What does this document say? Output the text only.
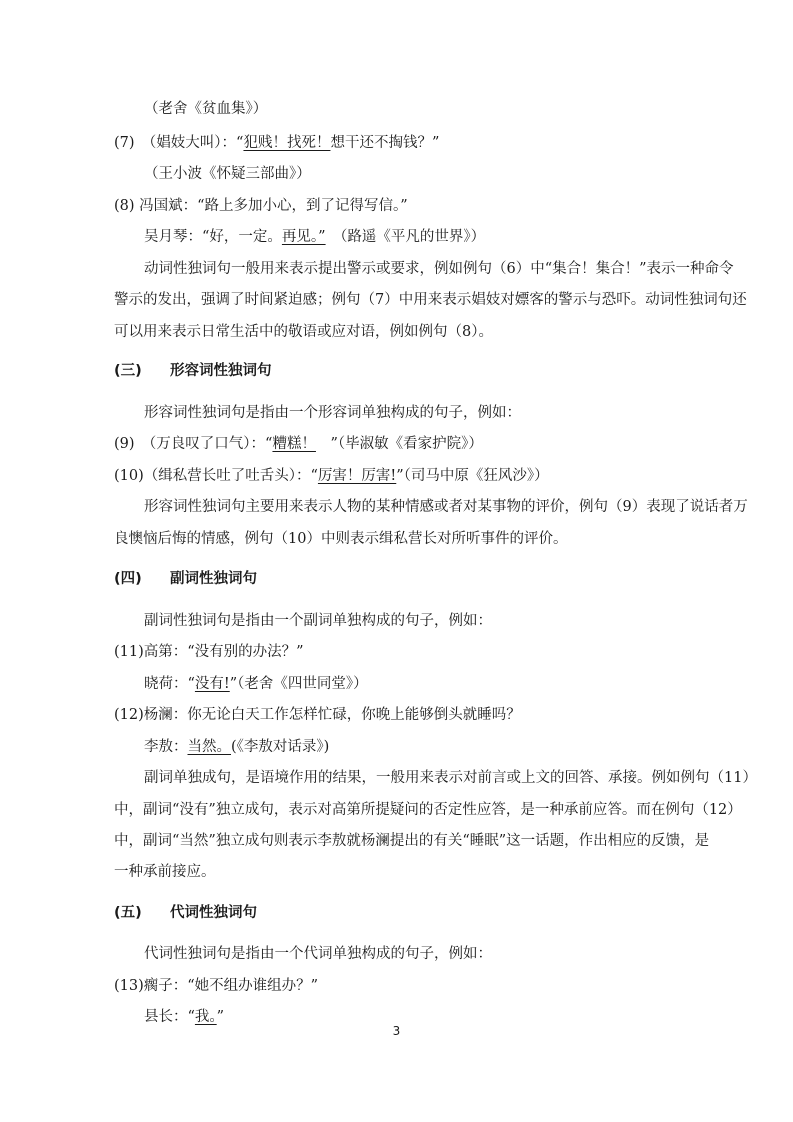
（老舍《贫血集》）
(7)　（娼妓大叫）：“犯贱！找死！想干还不掏钱？”
（王小波《怀疑三部曲》）
(8) 冯国斌：“路上多加小心，到了记得写信。”
吴月琴：“好，一定。再见。”　（路遥《平凡的世界》）
动词性独词句一般用来表示提出警示或要求，例如例句（6）中“集合！集合！”表示一种命令
警示的发出，强调了时间紧迫感；例句（7）中用来表示娼妓对嫖客的警示与恐吓。动词性独词句还
可以用来表示日常生活中的敬语或应对语，例如例句（8）。
(三) 形容词性独词句
形容词性独词句是指由一个形容词单独构成的句子，例如：
(9)　（万良叹了口气）：“糟糕！　”（毕淑敏《看家护院》）
(10)（缉私营长吐了吐舌头）：“厉害！厉害!”（司马中原《狂风沙》）
形容词性独词句主要用来表示人物的某种情感或者对某事物的评价，例句（9）表现了说话者万
良懊恼后悔的情感，例句（10）中则表示缉私营长对所听事件的评价。
(四) 副词性独词句
副词性独词句是指由一个副词单独构成的句子，例如：
(11)高第：“没有别的办法？”
晓荷：“没有!”（老舍《四世同堂》）
(12)杨澜：你无论白天工作怎样忙碌，你晚上能够倒头就睡吗？
李敖：当然。(《李敖对话录》)
副词单独成句，是语境作用的结果，一般用来表示对前言或上文的回答、承接。例如例句（11）
中，副词“没有”独立成句，表示对高第所提疑问的否定性应答，是一种承前应答。而在例句（12）
中，副词“当然”独立成句则表示李敖就杨澜提出的有关“睡眠”这一话题，作出相应的反馈，是
一种承前接应。
(五) 代词性独词句
代词性独词句是指由一个代词单独构成的句子，例如：
(13)瘸子：“她不组办谁组办？”
县长：“我。”
3
